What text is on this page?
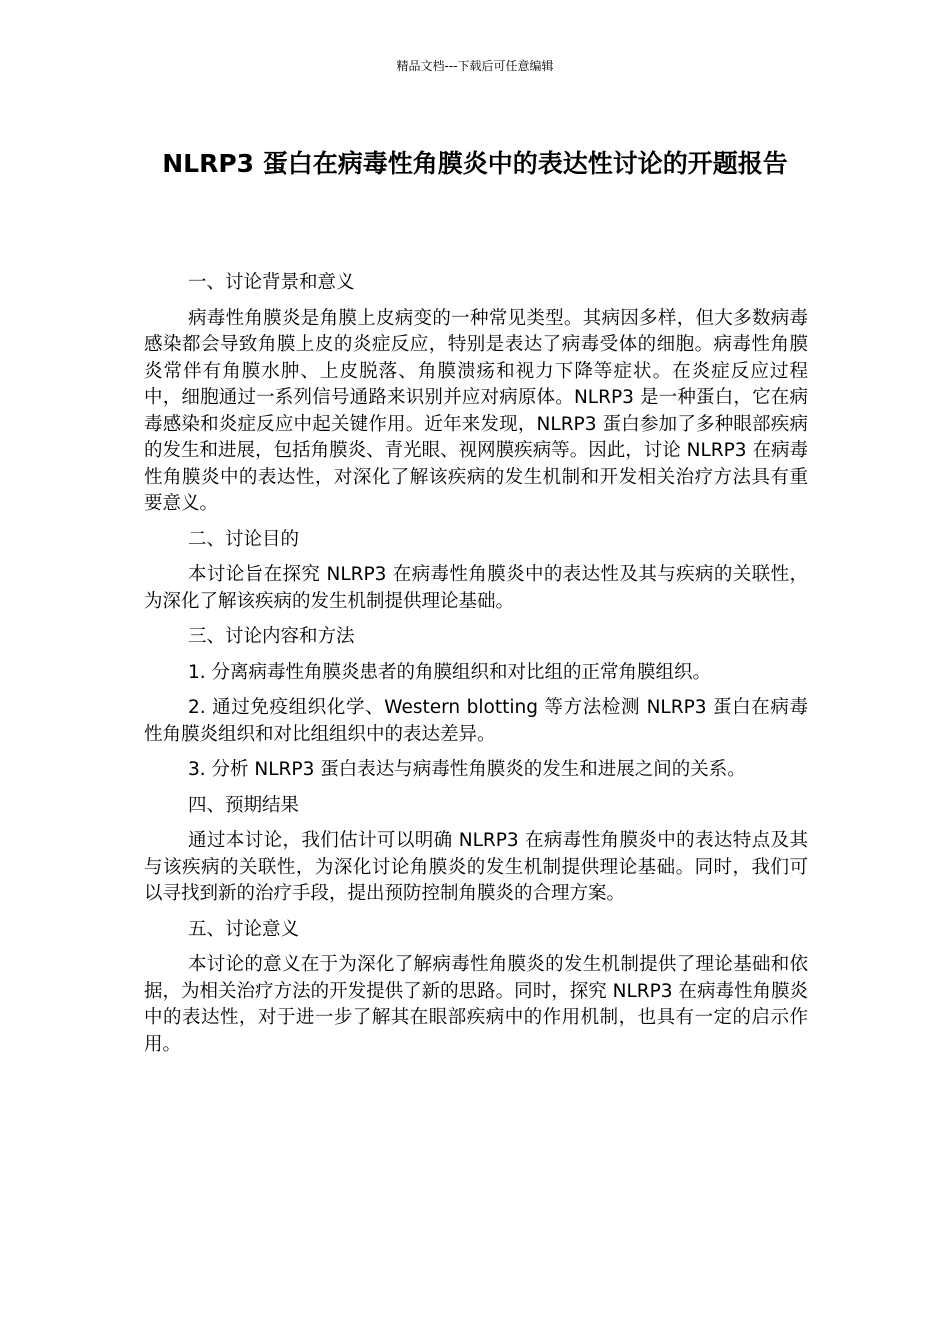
精品文档---下载后可任意编辑
NLRP3 蛋白在病毒性角膜炎中的表达性讨论的开题报告
一、讨论背景和意义
病毒性角膜炎是角膜上皮病变的一种常见类型。其病因多样，但大多数病毒感染都会导致角膜上皮的炎症反应，特别是表达了病毒受体的细胞。病毒性角膜炎常伴有角膜水肿、上皮脱落、角膜溃疡和视力下降等症状。在炎症反应过程中，细胞通过一系列信号通路来识别并应对病原体。NLRP3 是一种蛋白，它在病毒感染和炎症反应中起关键作用。近年来发现，NLRP3 蛋白参加了多种眼部疾病的发生和进展，包括角膜炎、青光眼、视网膜疾病等。因此，讨论 NLRP3 在病毒性角膜炎中的表达性，对深化了解该疾病的发生机制和开发相关治疗方法具有重要意义。
二、讨论目的
本讨论旨在探究 NLRP3 在病毒性角膜炎中的表达性及其与疾病的关联性，为深化了解该疾病的发生机制提供理论基础。
三、讨论内容和方法
1. 分离病毒性角膜炎患者的角膜组织和对比组的正常角膜组织。
2. 通过免疫组织化学、Western blotting 等方法检测 NLRP3 蛋白在病毒性角膜炎组织和对比组组织中的表达差异。
3. 分析 NLRP3 蛋白表达与病毒性角膜炎的发生和进展之间的关系。
四、预期结果
通过本讨论，我们估计可以明确 NLRP3 在病毒性角膜炎中的表达特点及其与该疾病的关联性，为深化讨论角膜炎的发生机制提供理论基础。同时，我们可以寻找到新的治疗手段，提出预防控制角膜炎的合理方案。
五、讨论意义
本讨论的意义在于为深化了解病毒性角膜炎的发生机制提供了理论基础和依据，为相关治疗方法的开发提供了新的思路。同时，探究 NLRP3 在病毒性角膜炎中的表达性，对于进一步了解其在眼部疾病中的作用机制，也具有一定的启示作用。
